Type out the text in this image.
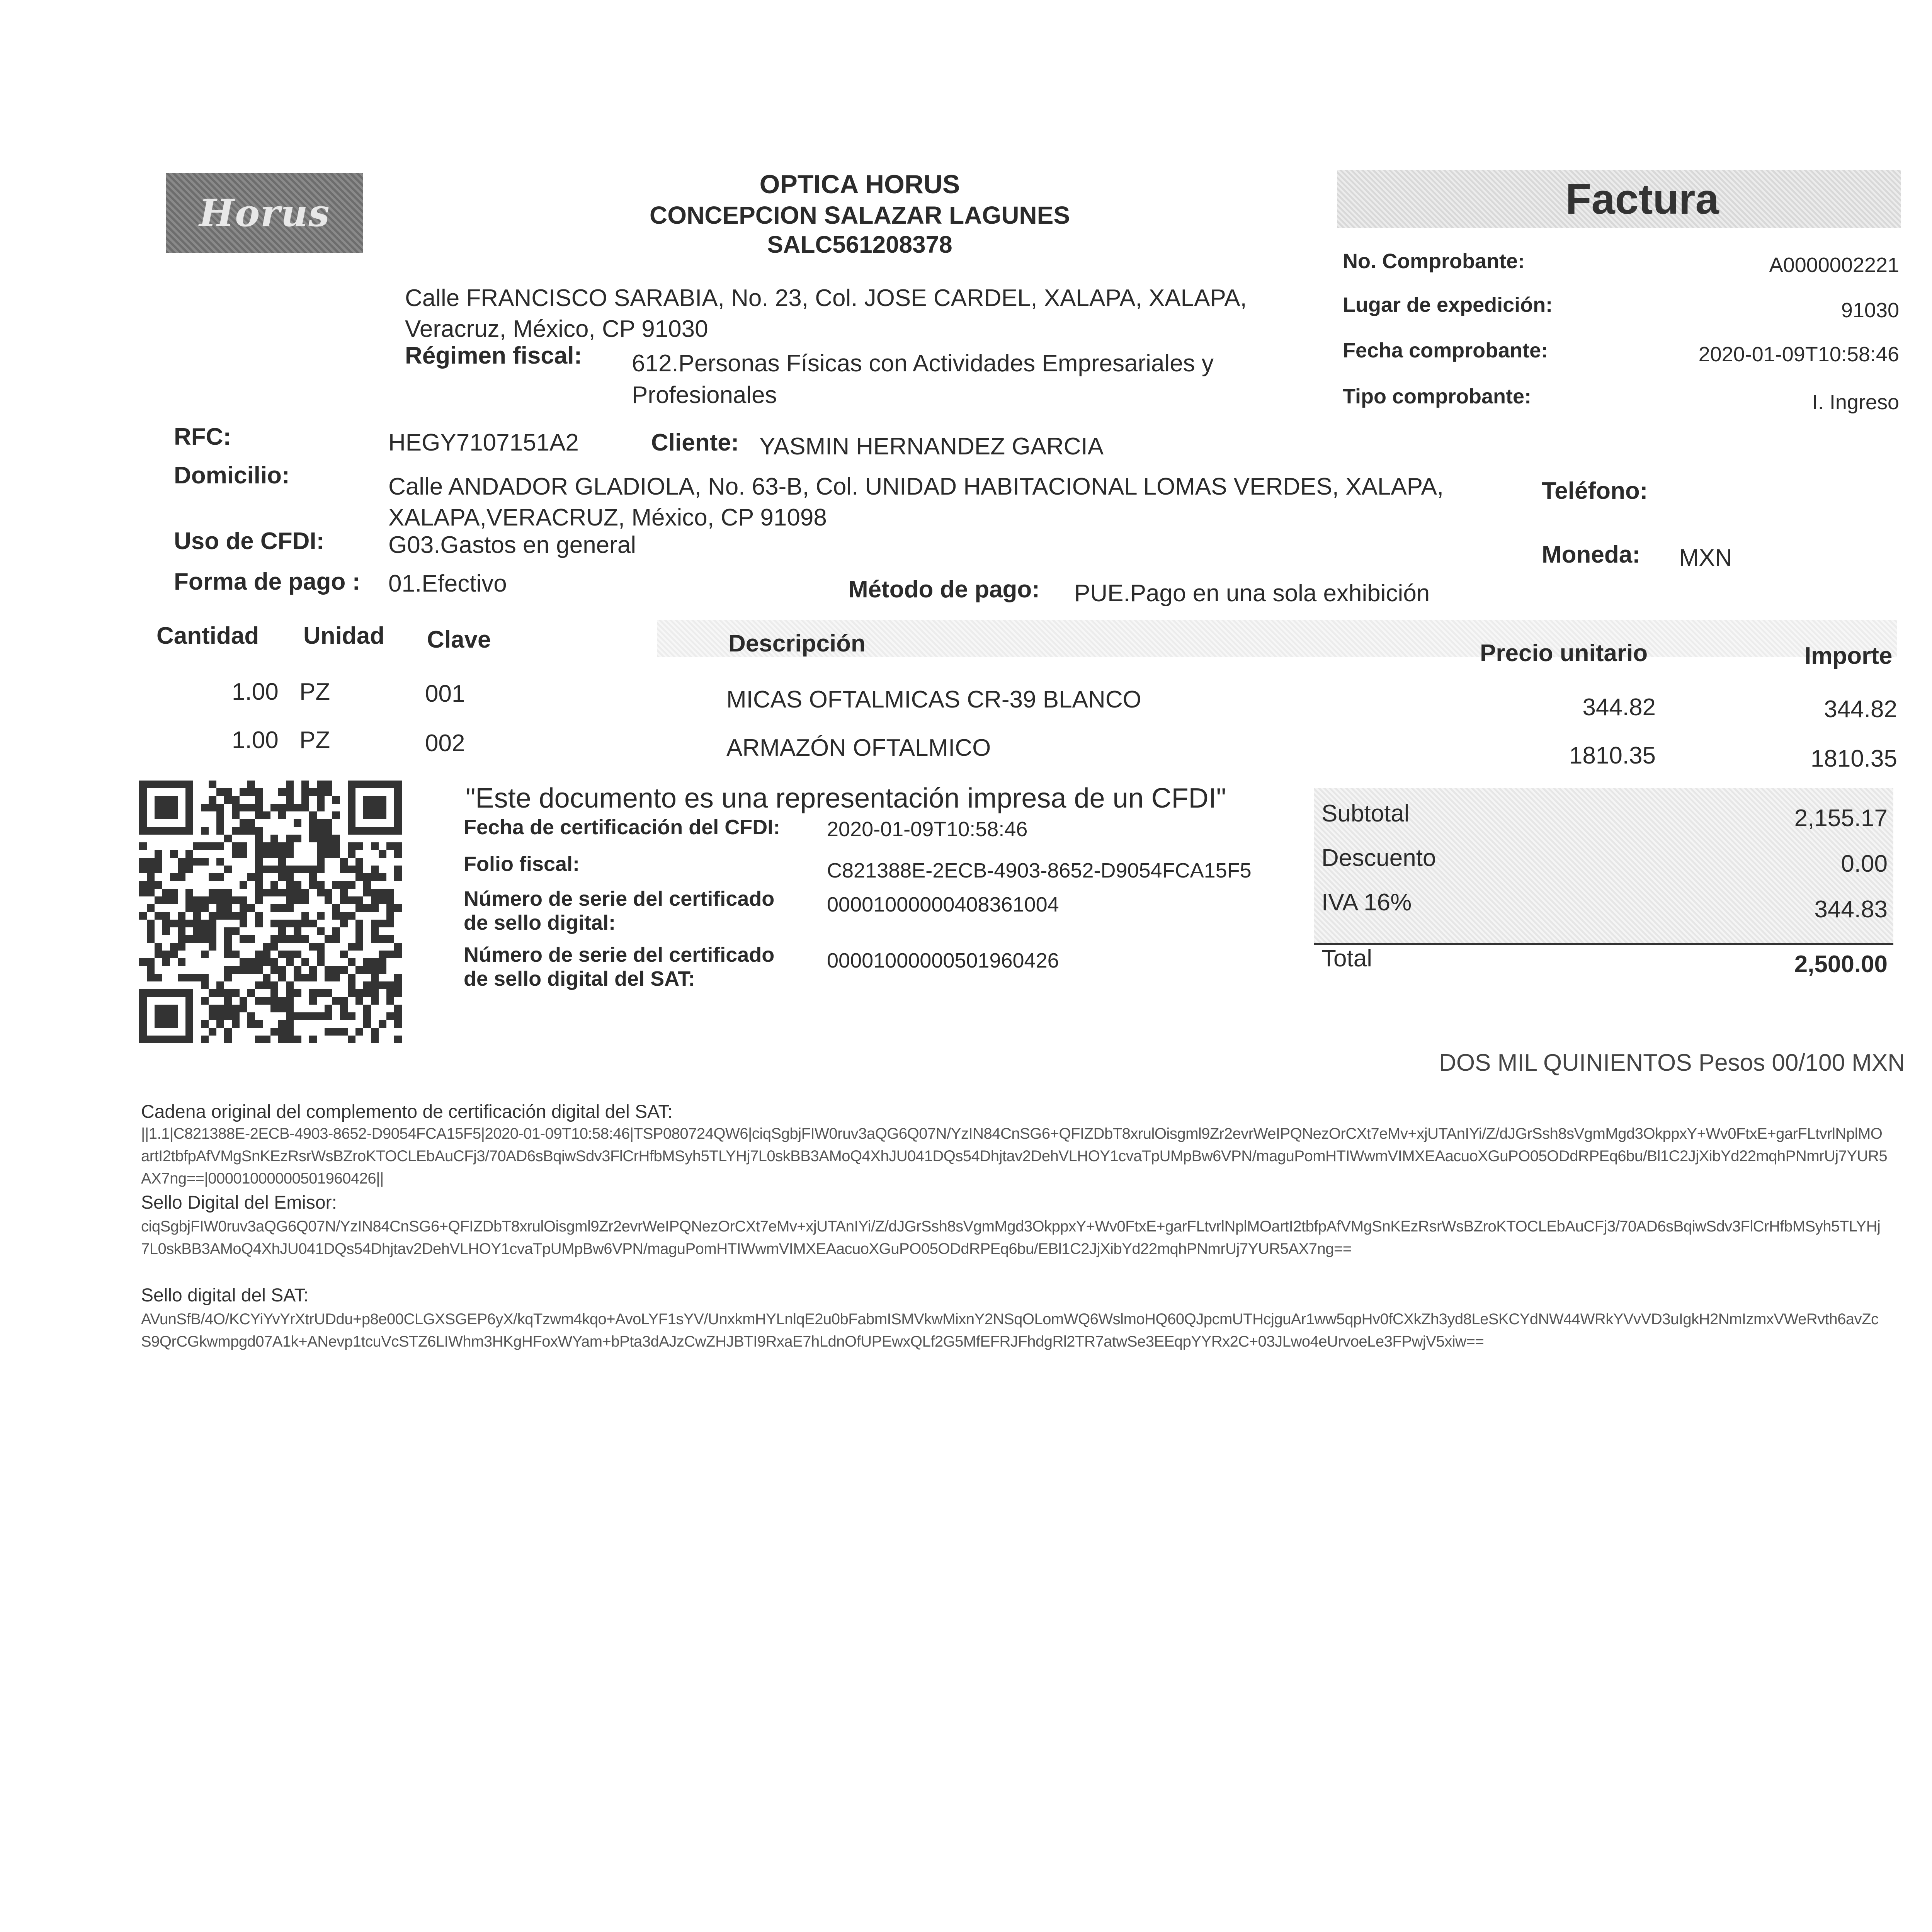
Horus
OPTICA HORUS
CONCEPCION SALAZAR LAGUNES
SALC561208378
Calle FRANCISCO SARABIA, No. 23, Col. JOSE CARDEL, XALAPA, XALAPA, Veracruz, México, CP 91030
Régimen fiscal: 612.Personas Físicas con Actividades Empresariales y Profesionales
Factura
No. Comprobante:	A0000002221
Lugar de expedición:	91030
Fecha comprobante:	2020-01-09T10:58:46
Tipo comprobante:	I. Ingreso
RFC:	HEGY7107151A2	Cliente: YASMIN HERNANDEZ GARCIA
Domicilio:	Calle ANDADOR GLADIOLA, No. 63-B, Col. UNIDAD HABITACIONAL LOMAS VERDES, XALAPA, XALAPA,VERACRUZ, México, CP 91098
Teléfono:
Uso de CFDI:	G03.Gastos en general	Moneda: MXN
Forma de pago : 01.Efectivo	Método de pago: PUE.Pago en una sola exhibición
Cantidad Unidad Clave	Descripción	Precio unitario	Importe
1.00 PZ	001	MICAS OFTALMICAS CR-39 BLANCO	344.82	344.82
1.00 PZ	002	ARMAZÓN OFTALMICO	1810.35	1810.35
"Este documento es una representación impresa de un CFDI"
Fecha de certificación del CFDI:	2020-01-09T10:58:46
Folio fiscal:	C821388E-2ECB-4903-8652-D9054FCA15F5
Número de serie del certificado de sello digital:
00001000000408361004
Número de serie del certificado de sello digital del SAT:
00001000000501960426
Subtotal	2,155.17
Descuento	0.00
IVA 16%	344.83
Total	2,500.00
DOS MIL QUINIENTOS Pesos 00/100 MXN
Cadena original del complemento de certificación digital del SAT:
||1.1|C821388E-2ECB-4903-8652-D9054FCA15F5|2020-01-09T10:58:46|TSP080724QW6|ciqSgbjFIW0ruv3aQG6Q07N/YzIN84CnSG6+QFIZDbT8xrulOisgml9Zr2evrWeIPQNezOrCXt7eMv+xjUTAnIYi/Z/dJGrSsh8sVgmMgd3OkppxY+Wv0FtxE+garFLtvrlNplMOartI2tbfpAfVMgSnKEzRsrWsBZroKTOCLEbAuCFj3/70AD6sBqiwSdv3FlCrHfbMSyh5TLYHj7L0skBB3AMoQ4XhJU041DQs54Dhjtav2DehVLHOY1cvaTpUMpBw6VPN/maguPomHTIWwmVIMXEAacuoXGuPO05ODdRPEq6bu/Bl1C2JjXibYd22mqhPNmrUj7YUR5AX7ng==|00001000000501960426||
Sello Digital del Emisor:
ciqSgbjFIW0ruv3aQG6Q07N/YzIN84CnSG6+QFIZDbT8xrulOisgml9Zr2evrWeIPQNezOrCXt7eMv+xjUTAnIYi/Z/dJGrSsh8sVgmMgd3OkppxY+Wv0FtxE+garFLtvrlNplMOartI2tbfpAfVMgSnKEzRsrWsBZroKTOCLEbAuCFj3/70AD6sBqiwSdv3FlCrHfbMSyh5TLYHj7L0skBB3AMoQ4XhJU041DQs54Dhjtav2DehVLHOY1cvaTpUMpBw6VPN/maguPomHTIWwmVIMXEAacuoXGuPO05ODdRPEq6bu/EBl1C2JjXibYd22mqhPNmrUj7YUR5AX7ng==
Sello digital del SAT:
AVunSfB/4O/KCYiYvYrXtrUDdu+p8e00CLGXSGEP6yX/kqTzwm4kqo+AvoLYF1sYV/UnxkmHYLnlqE2u0bFabmISMVkwMixnY2NSqOLomWQ6WslmoHQ60QJpcmUTHcjguAr1ww5qpHv0fCXkZh3yd8LeSKCYdNW44WRkYVvVD3uIgkH2NmIzmxVWeRvth6avZcS9QrCGkwmpgd07A1k+ANevp1tcuVcSTZ6LIWhm3HKgHFoxWYam+bPta3dAJzCwZHJBTI9RxaE7hLdnOfUPEwxQLf2G5MfEFRJFhdgRl2TR7atwSe3EEqpYYRx2C+03JLwo4eUrvoeLe3FPwjV5xiw==
